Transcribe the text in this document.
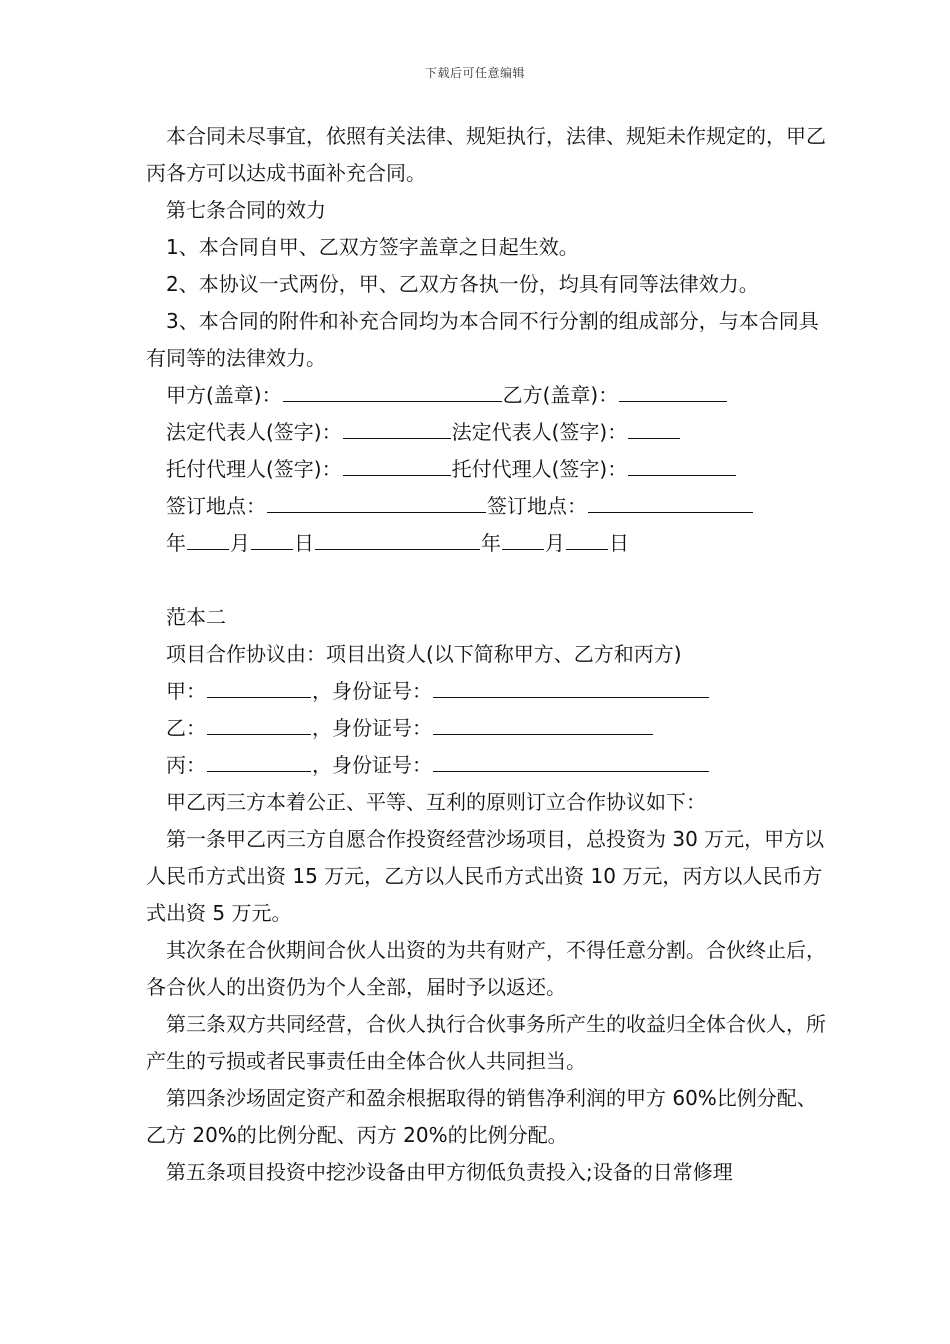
下载后可任意编辑

本合同未尽事宜，依照有关法律、规矩执行，法律、规矩未作规定的，甲乙丙各方可以达成书面补充合同。

第七条合同的效力

1、本合同自甲、乙双方签字盖章之日起生效。

2、本协议一式两份，甲、乙双方各执一份，均具有同等法律效力。

3、本合同的附件和补充合同均为本合同不行分割的组成部分，与本合同具有同等的法律效力。

甲方(盖章)：	乙方(盖章)：

法定代表人(签字)：	法定代表人(签字)：

托付代理人(签字)：	托付代理人(签字)：

签订地点：	签订地点：

年 月 日	年 月 日

范本二

项目合作协议由：项目出资人(以下简称甲方、乙方和丙方)

甲：	，身份证号：

乙：	，身份证号：

丙：	，身份证号：

甲乙丙三方本着公正、平等、互利的原则订立合作协议如下：

第一条甲乙丙三方自愿合作投资经营沙场项目，总投资为 30 万元，甲方以人民币方式出资 15 万元，乙方以人民币方式出资 10 万元，丙方以人民币方式出资 5 万元。

其次条在合伙期间合伙人出资的为共有财产，不得任意分割。合伙终止后，各合伙人的出资仍为个人全部，届时予以返还。

第三条双方共同经营，合伙人执行合伙事务所产生的收益归全体合伙人，所产生的亏损或者民事责任由全体合伙人共同担当。

第四条沙场固定资产和盈余根据取得的销售净利润的甲方 60%比例分配、乙方 20%的比例分配、丙方 20%的比例分配。

第五条项目投资中挖沙设备由甲方彻低负责投入;设备的日常修理
